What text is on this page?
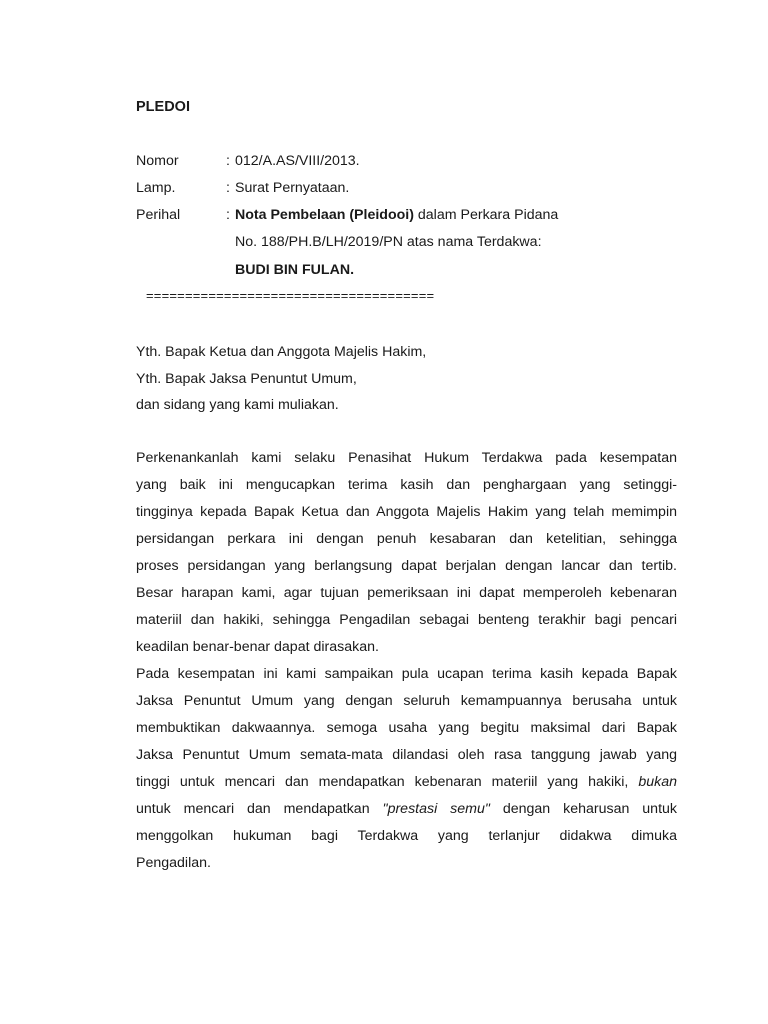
PLEDOI
Nomor	: 012/A.AS/VIII/2013.
Lamp.	: Surat Pernyataan.
Perihal	: Nota Pembelaan (Pleidooi) dalam Perkara Pidana
No. 188/PH.B/LH/2019/PN atas nama Terdakwa:
BUDI BIN FULAN.
=====================================
Yth. Bapak Ketua dan Anggota Majelis Hakim,
Yth. Bapak Jaksa Penuntut Umum,
dan sidang yang kami muliakan.
Perkenankanlah kami selaku Penasihat Hukum Terdakwa pada kesempatan
yang baik ini mengucapkan terima kasih dan penghargaan yang setinggi-
tingginya kepada Bapak Ketua dan Anggota Majelis Hakim yang telah memimpin
persidangan perkara ini dengan penuh kesabaran dan ketelitian, sehingga
proses persidangan yang berlangsung dapat berjalan dengan lancar dan tertib.
Besar harapan kami, agar tujuan pemeriksaan ini dapat memperoleh kebenaran
materiil dan hakiki, sehingga Pengadilan sebagai benteng terakhir bagi pencari
keadilan benar-benar dapat dirasakan.
Pada kesempatan ini kami sampaikan pula ucapan terima kasih kepada Bapak
Jaksa Penuntut Umum yang dengan seluruh kemampuannya berusaha untuk
membuktikan dakwaannya. semoga usaha yang begitu maksimal dari Bapak
Jaksa Penuntut Umum semata-mata dilandasi oleh rasa tanggung jawab yang
tinggi untuk mencari dan mendapatkan kebenaran materiil yang hakiki, bukan
untuk mencari dan mendapatkan "prestasi semu" dengan keharusan untuk
menggolkan hukuman bagi Terdakwa yang terlanjur didakwa dimuka
Pengadilan.
